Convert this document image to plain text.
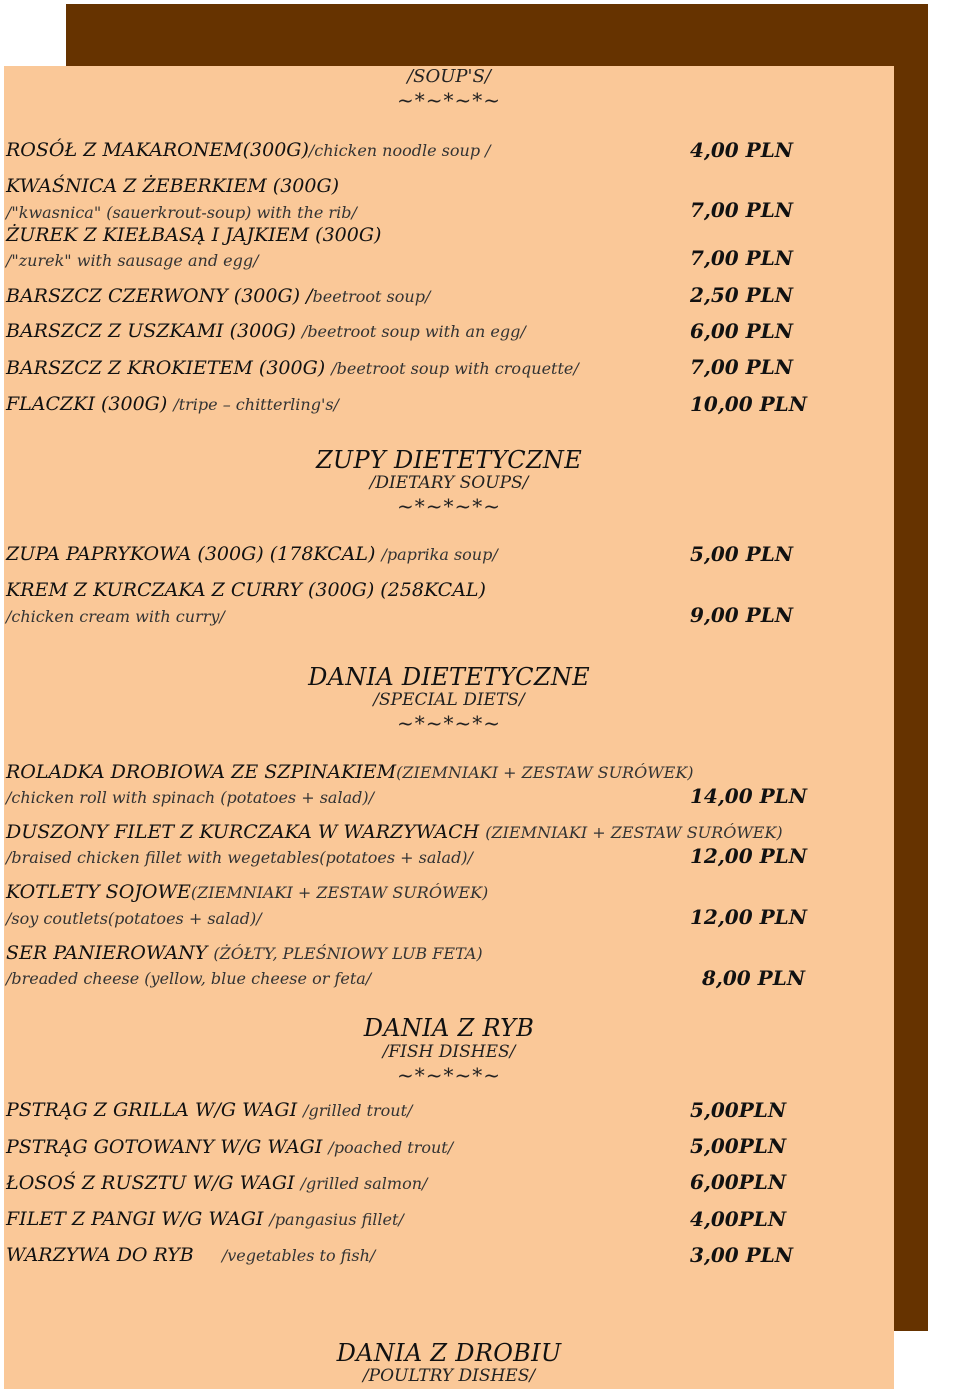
/SOUP'S/
~*~*~*~
ROSÓŁ Z MAKARONEM(300G)/chicken noodle soup /	4,00 PLN
KWAŚNICA Z ŻEBERKIEM (300G)
/"kwasnica" (sauerkrout-soup) with the rib/	7,00 PLN
ŻUREK Z KIEŁBASĄ I JAJKIEM (300G)
/"zurek" with sausage and egg/	7,00 PLN
BARSZCZ CZERWONY (300G) /beetroot soup/	2,50 PLN
BARSZCZ Z USZKAMI (300G) /beetroot soup with an egg/	6,00 PLN
BARSZCZ Z KROKIETEM (300G) /beetroot soup with croquette/	7,00 PLN
FLACZKI (300G) /tripe – chitterling's/	10,00 PLN
ZUPY DIETETYCZNE
/DIETARY SOUPS/
~*~*~*~
ZUPA PAPRYKOWA (300G) (178KCAL) /paprika soup/	5,00 PLN
KREM Z KURCZAKA Z CURRY (300G) (258KCAL)
/chicken cream with curry/	9,00 PLN
DANIA DIETETYCZNE
/SPECIAL DIETS/
~*~*~*~
ROLADKA DROBIOWA ZE SZPINAKIEM(ZIEMNIAKI + ZESTAW SURÓWEK)
/chicken roll with spinach (potatoes + salad)/	14,00 PLN
DUSZONY FILET Z KURCZAKA W WARZYWACH (ZIEMNIAKI + ZESTAW SURÓWEK)
/braised chicken fillet with wegetables(potatoes + salad)/	12,00 PLN
KOTLETY SOJOWE(ZIEMNIAKI + ZESTAW SURÓWEK)
/soy coutlets(potatoes + salad)/	12,00 PLN
SER PANIEROWANY (ŻÓŁTY, PLEŚNIOWY LUB FETA)
/breaded cheese (yellow, blue cheese or feta/	8,00 PLN
DANIA Z RYB
/FISH DISHES/
~*~*~*~
PSTRĄG Z GRILLA W/G WAGI /grilled trout/	5,00PLN
PSTRĄG GOTOWANY W/G WAGI /poached trout/	5,00PLN
ŁOSOŚ Z RUSZTU W/G WAGI /grilled salmon/	6,00PLN
FILET Z PANGI W/G WAGI /pangasius fillet/	4,00PLN
WARZYWA DO RYB /vegetables to fish/	3,00 PLN
DANIA Z DROBIU
/POULTRY DISHES/
